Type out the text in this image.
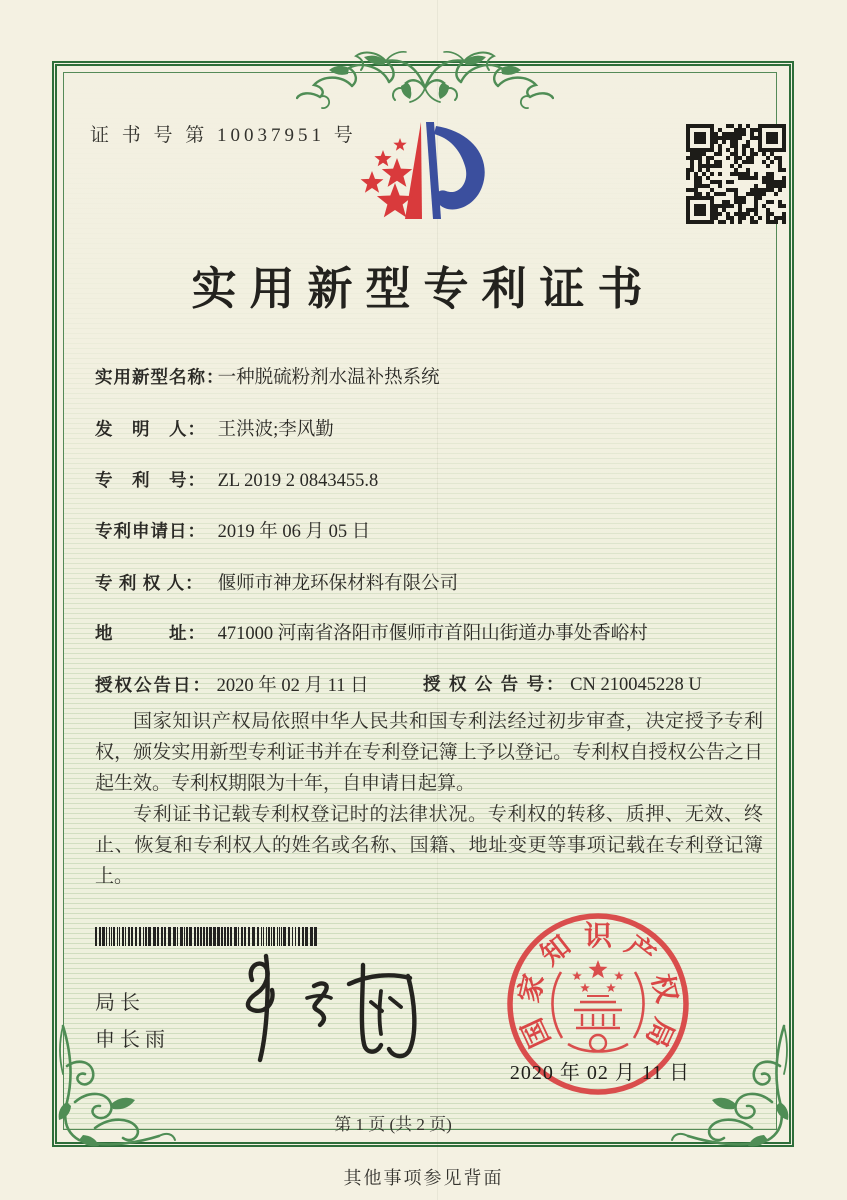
证 书 号 第 10037951 号
实用新型专利证书
实用新型名称： 一种脱硫粉剂水温补热系统
发　明　人： 王洪波;李风勤
专　利　号： ZL 2019 2 0843455.8
专利申请日： 2019 年 06 月 05 日
专 利 权 人： 偃师市神龙环保材料有限公司
地　　　址： 471000 河南省洛阳市偃师市首阳山街道办事处香峪村
授权公告日： 2020 年 02 月 11 日	授 权 公 告 号： CN 210045228 U

国家知识产权局依照中华人民共和国专利法经过初步审查，决定授予专利权，颁发实用新型专利证书并在专利登记簿上予以登记。专利权自授权公告之日起生效。专利权期限为十年，自申请日起算。

专利证书记载专利权登记时的法律状况。专利权的转移、质押、无效、终止、恢复和专利权人的姓名或名称、国籍、地址变更等事项记载在专利登记簿上。

局长
申长雨	国
家
知 识 产
权
局
2020 年 02 月 11 日
第 1 页 (共 2 页)
其他事项参见背面
